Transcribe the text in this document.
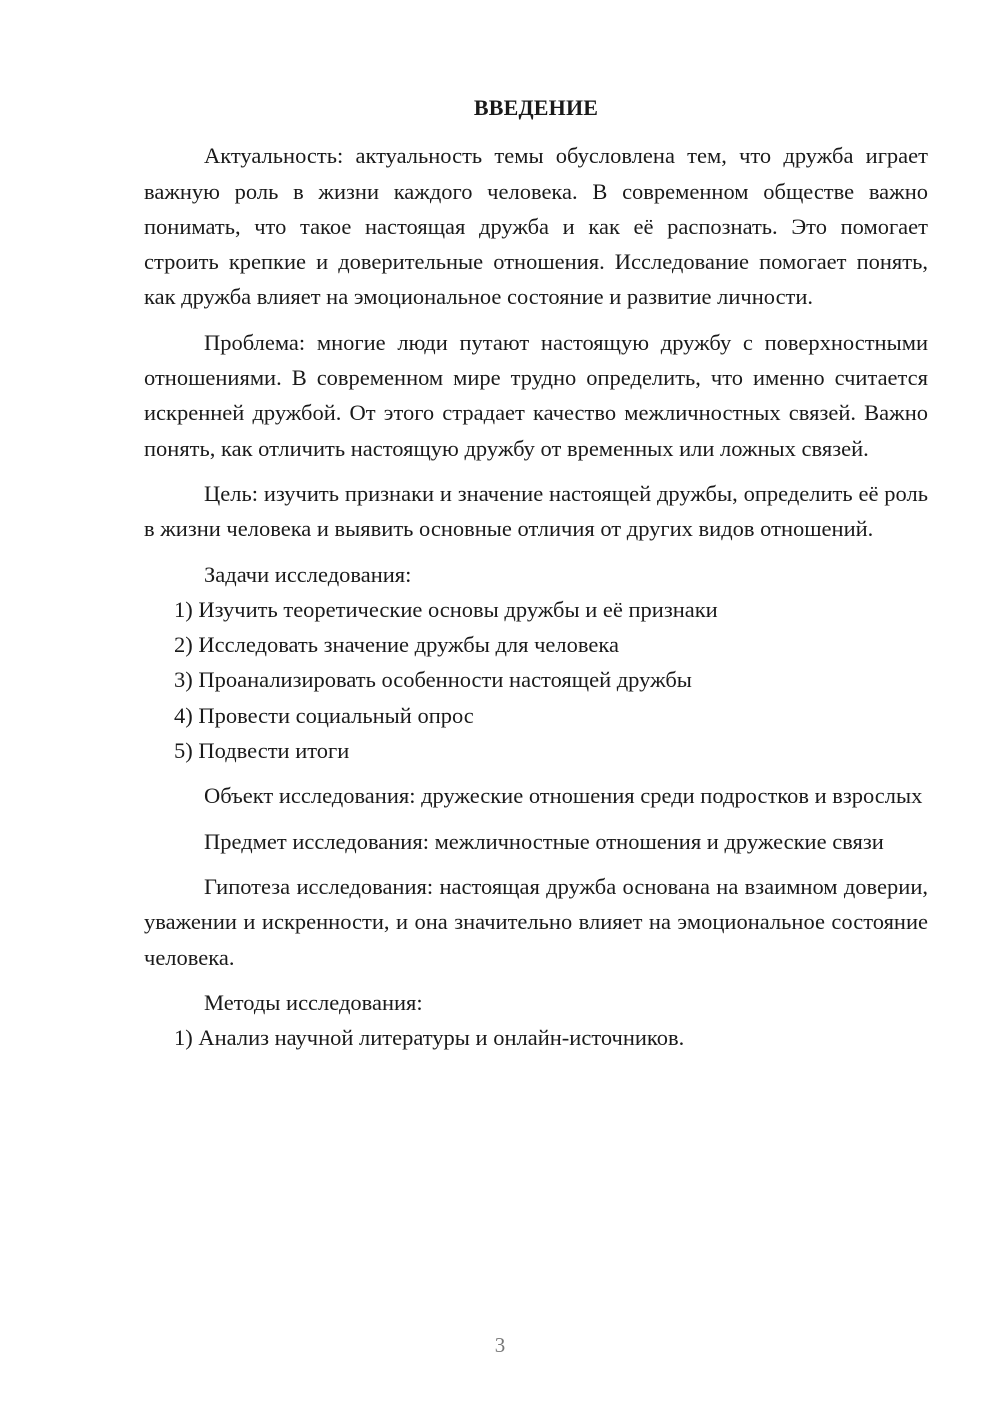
ВВЕДЕНИЕ

Актуальность: актуальность темы обусловлена тем, что дружба играет важную роль в жизни каждого человека. В современном обществе важно понимать, что такое настоящая дружба и как её распознать. Это помогает строить крепкие и доверительные отношения. Исследование помогает понять, как дружба влияет на эмоциональное состояние и развитие личности.

Проблема: многие люди путают настоящую дружбу с поверхностными отношениями. В современном мире трудно определить, что именно считается искренней дружбой. От этого страдает качество межличностных связей. Важно понять, как отличить настоящую дружбу от временных или ложных связей.

Цель: изучить признаки и значение настоящей дружбы, определить её роль в жизни человека и выявить основные отличия от других видов отношений.

Задачи исследования:

1) Изучить теоретические основы дружбы и её признаки

2) Исследовать значение дружбы для человека

3) Проанализировать особенности настоящей дружбы

4) Провести социальный опрос

5) Подвести итоги

Объект исследования: дружеские отношения среди подростков и взрослых

Предмет исследования: межличностные отношения и дружеские связи

Гипотеза исследования: настоящая дружба основана на взаимном доверии, уважении и искренности, и она значительно влияет на эмоциональное состояние человека.

Методы исследования:

1) Анализ научной литературы и онлайн-источников.

3
